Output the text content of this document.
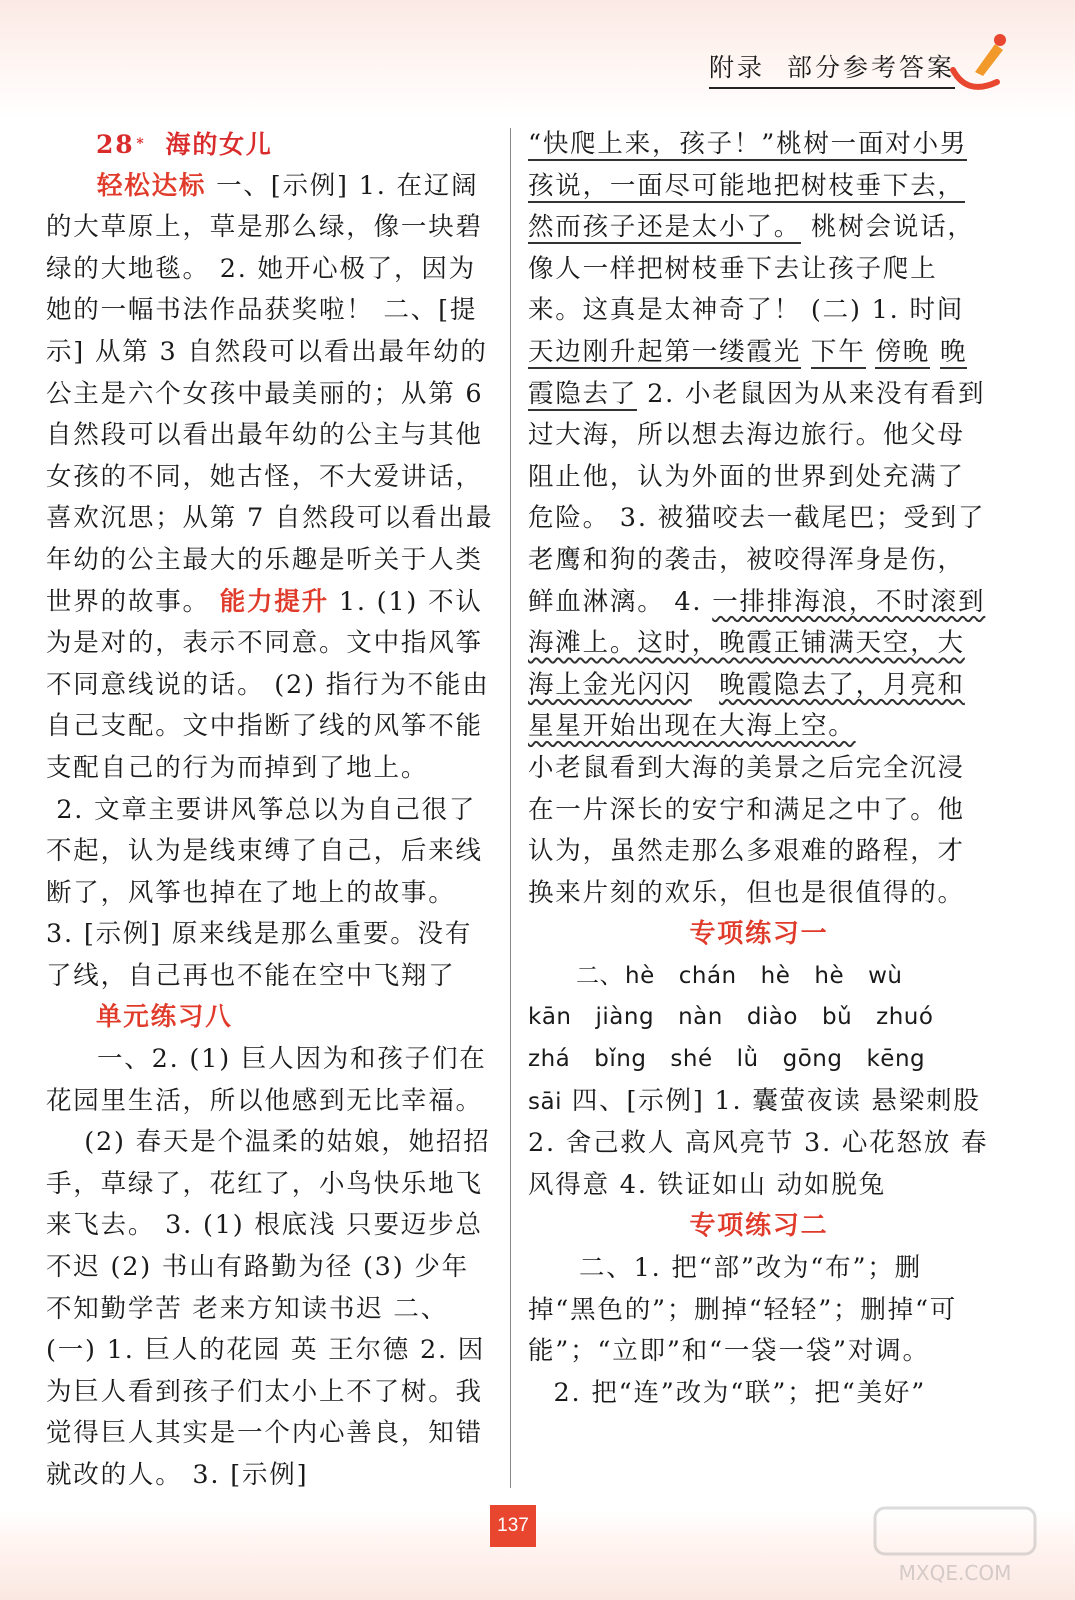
附录 部分参考答案

28 * 海的女儿

轻松达标 一、[示例] 1. 在辽阔的大草原上，草是那么绿，像一块碧绿的大地毯。 2. 她开心极了，因为她的一幅书法作品获奖啦！ 二、[提示] 从第 3 自然段可以看出最年幼的公主是六个女孩中最美丽的；从第 6 自然段可以看出最年幼的公主与其他女孩的不同，她古怪，不大爱讲话，喜欢沉思；从第 7 自然段可以看出最年幼的公主最大的乐趣是听关于人类世界的故事。 能力提升 1. (1) 不认为是对的，表示不同意。文中指风筝不同意线说的话。 (2) 指行为不能由自己支配。文中指断了线的风筝不能支配自己的行为而掉到了地上。

2. 文章主要讲风筝总以为自己很了不起，认为是线束缚了自己，后来线断了，风筝也掉在了地上的故事。

3. [示例] 原来线是那么重要。没有了线，自己再也不能在空中飞翔了

单元练习八

一、2. (1) 巨人因为和孩子们在花园里生活，所以他感到无比幸福。

(2) 春天是个温柔的姑娘，她招招手，草绿了，花红了，小鸟快乐地飞来飞去。 3. (1) 根底浅 只要迈步总不迟 (2) 书山有路勤为径 (3) 少年不知勤学苦 老来方知读书迟 二、(一) 1. 巨人的花园 英 王尔德 2. 因为巨人看到孩子们太小上不了树。我觉得巨人其实是一个内心善良，知错就改的人。 3. [示例]

“快爬上来，孩子！”桃树一面对小男孩说，一面尽可能地把树枝垂下去，然而孩子还是太小了。 桃树会说话，像人一样把树枝垂下去让孩子爬上来。这真是太神奇了！ (二) 1. 时间 天边刚升起第一缕霞光 下午 傍晚 晚霞隐去了 2. 小老鼠因为从来没有看到过大海，所以想去海边旅行。他父母阻止他，认为外面的世界到处充满了危险。 3. 被猫咬去一截尾巴；受到了老鹰和狗的袭击，被咬得浑身是伤，鲜血淋漓。 4. 一排排海浪，不时滚到海滩上。这时，晚霞正铺满天空，大海上金光闪闪　 晚霞隐去了，月亮和星星开始出现在大海上空。

小老鼠看到大海的美景之后完全沉浸在一片深长的安宁和满足之中了。他认为，虽然走那么多艰难的路程，才换来片刻的欢乐，但也是很值得的。

专项练习一

二、hè chán hè hè wù

kān jiàng nàn diào bǔ zhuó

zhá bǐng shé lǜ gōng kēng

sāi 四、[示例] 1. 囊萤夜读 悬梁刺股 2. 舍己救人 高风亮节 3. 心花怒放 春风得意 4. 铁证如山 动如脱兔

专项练习二

二、1. 把“部”改为“布”；删掉“黑色的”；删掉“轻轻”；删掉“可能”；“立即”和“一袋一袋”对调。

2. 把“连”改为“联”；把“美好”

137
MXQE.COM
